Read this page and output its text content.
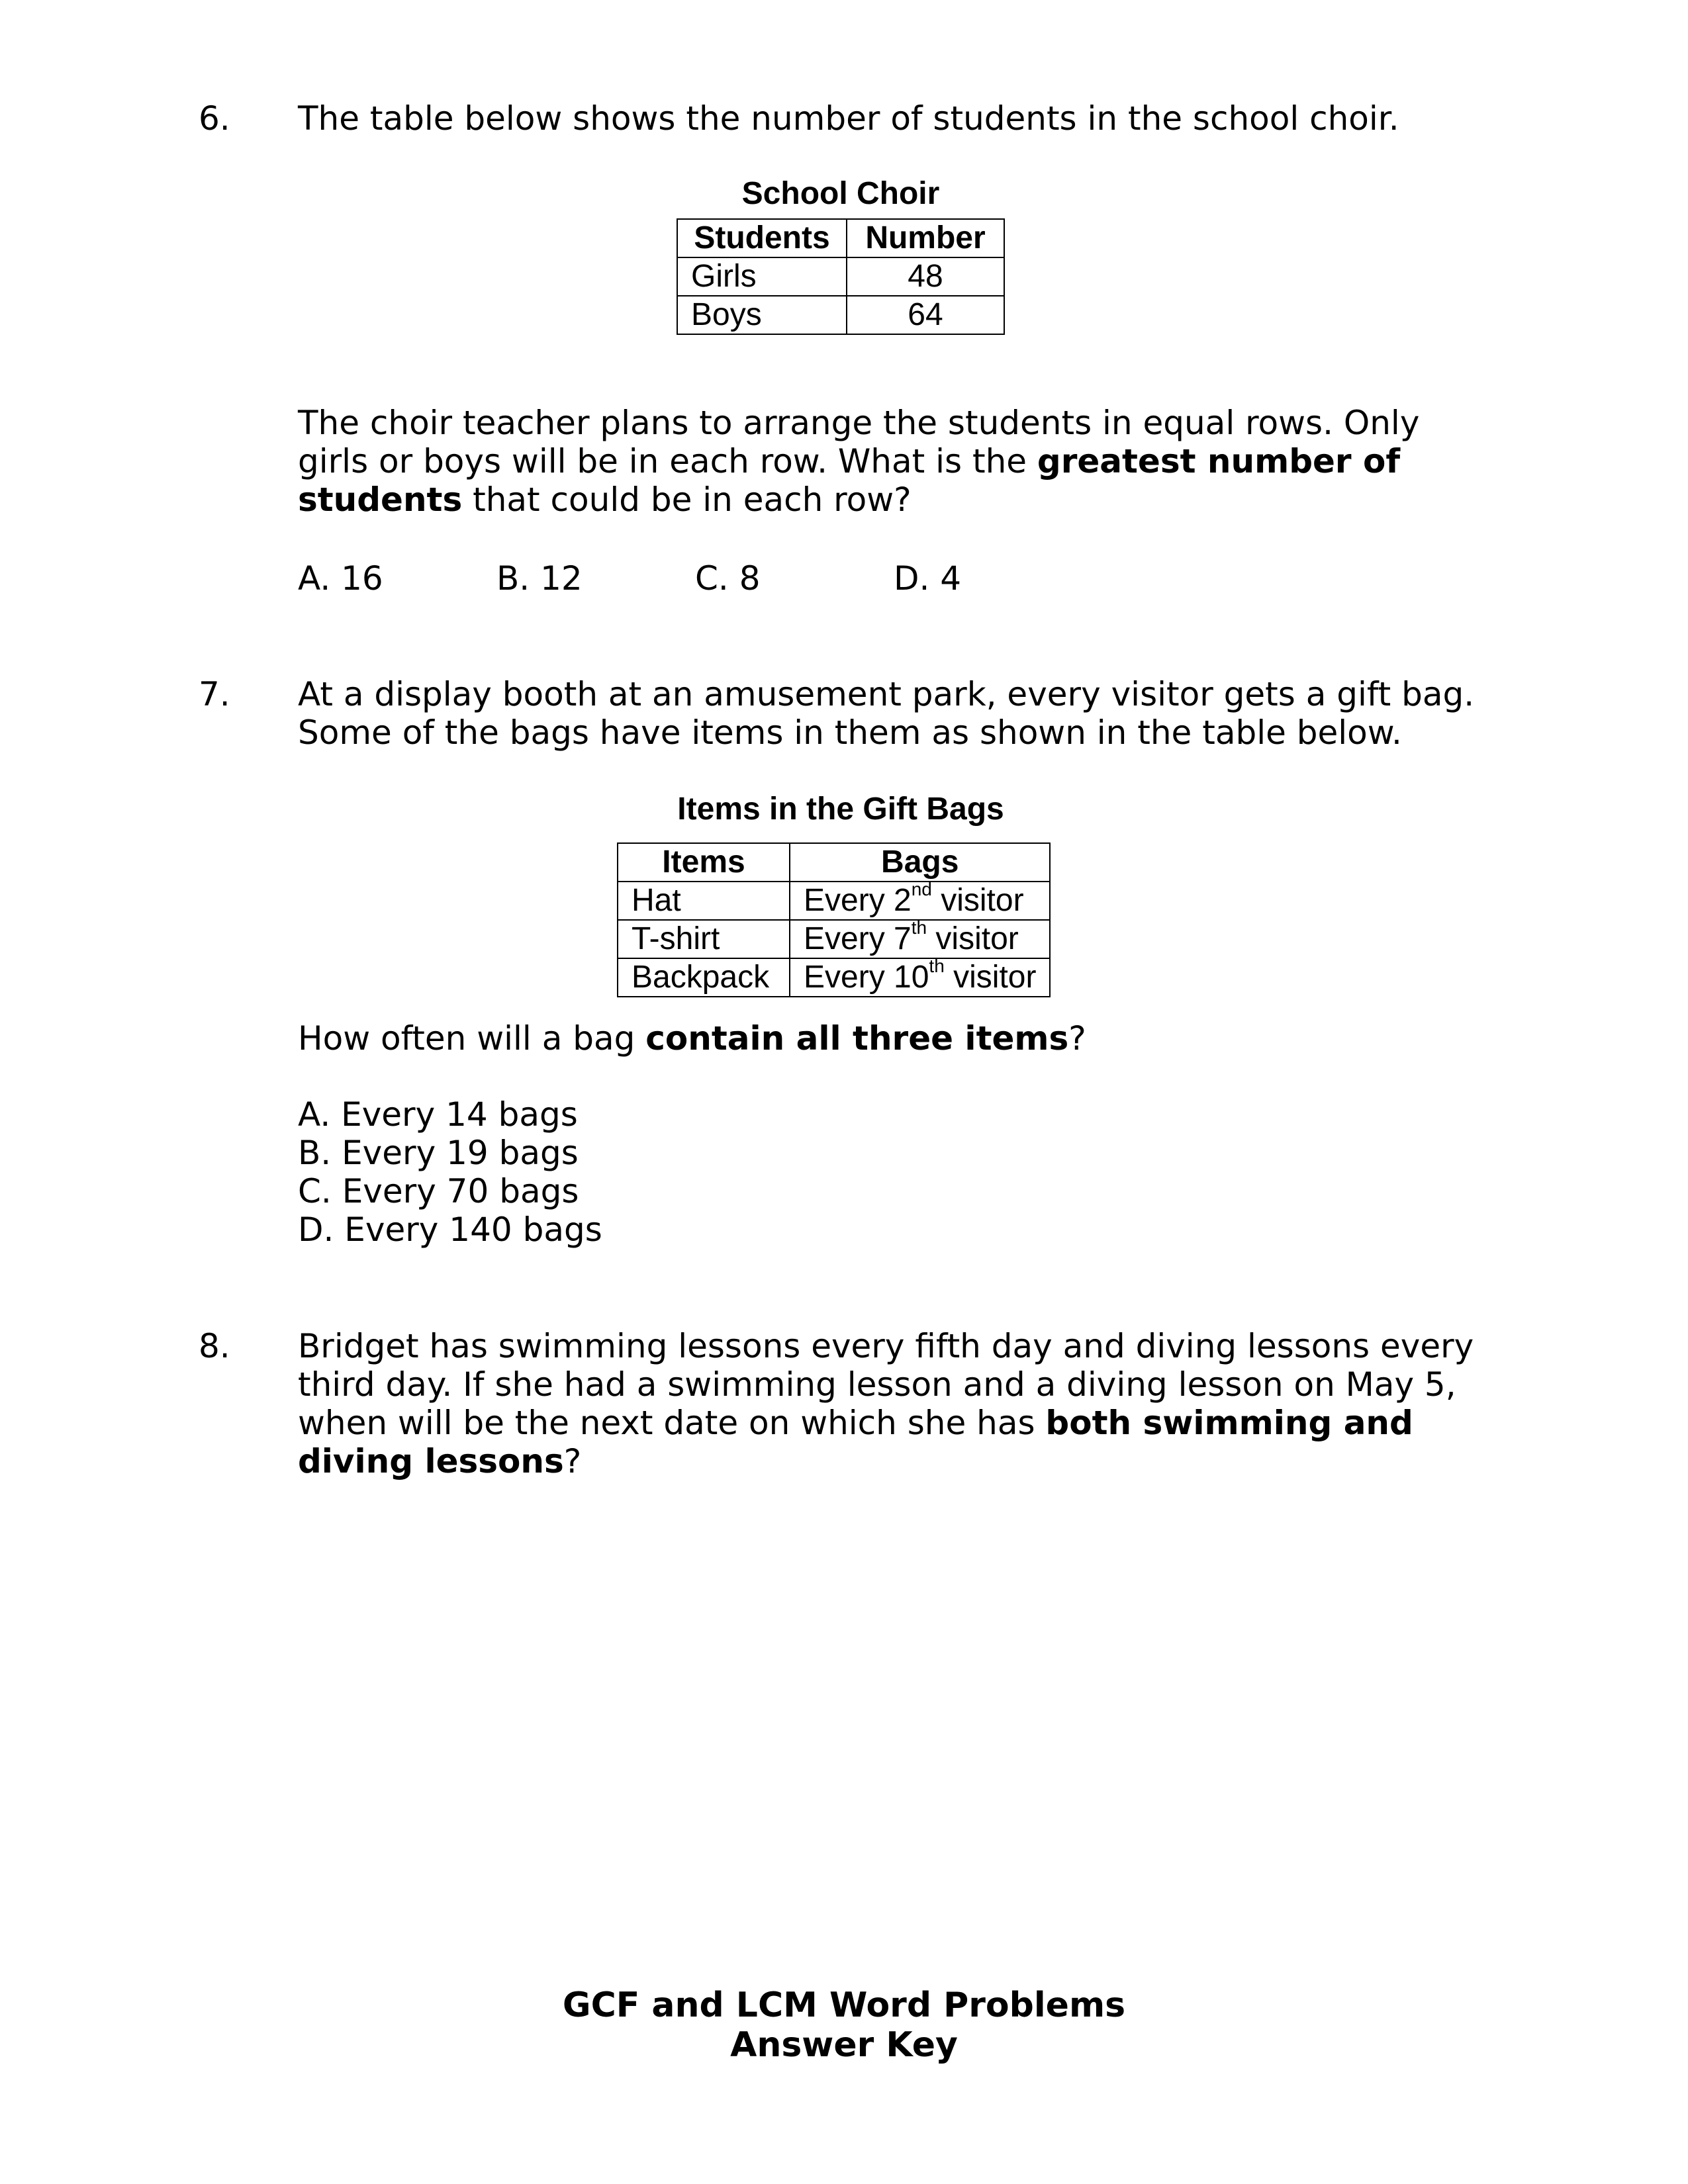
6. The table below shows the number of students in the school choir.
School Choir
Students	Number
Girls	48
Boys	64

The choir teacher plans to arrange the students in equal rows. Only

girls or boys will be in each row. What is the greatest number of

students that could be in each row?

A. 16	B. 12	C. 8	D. 4
7. At a display booth at an amusement park, every visitor gets a gift bag.

Some of the bags have items in them as shown in the table below.

Items in the Gift Bags
Items	Bags
Hat	Every 2nd visitor
T-shirt	Every 7th visitor
Backpack	Every 10th visitor

How often will a bag contain all three items?

A. Every 14 bags
B. Every 19 bags
C. Every 70 bags
D. Every 140 bags
8. Bridget has swimming lessons every fifth day and diving lessons every

third day. If she had a swimming lesson and a diving lesson on May 5,

when will be the next date on which she has both swimming and

diving lessons?

GCF and LCM Word Problems
Answer Key
